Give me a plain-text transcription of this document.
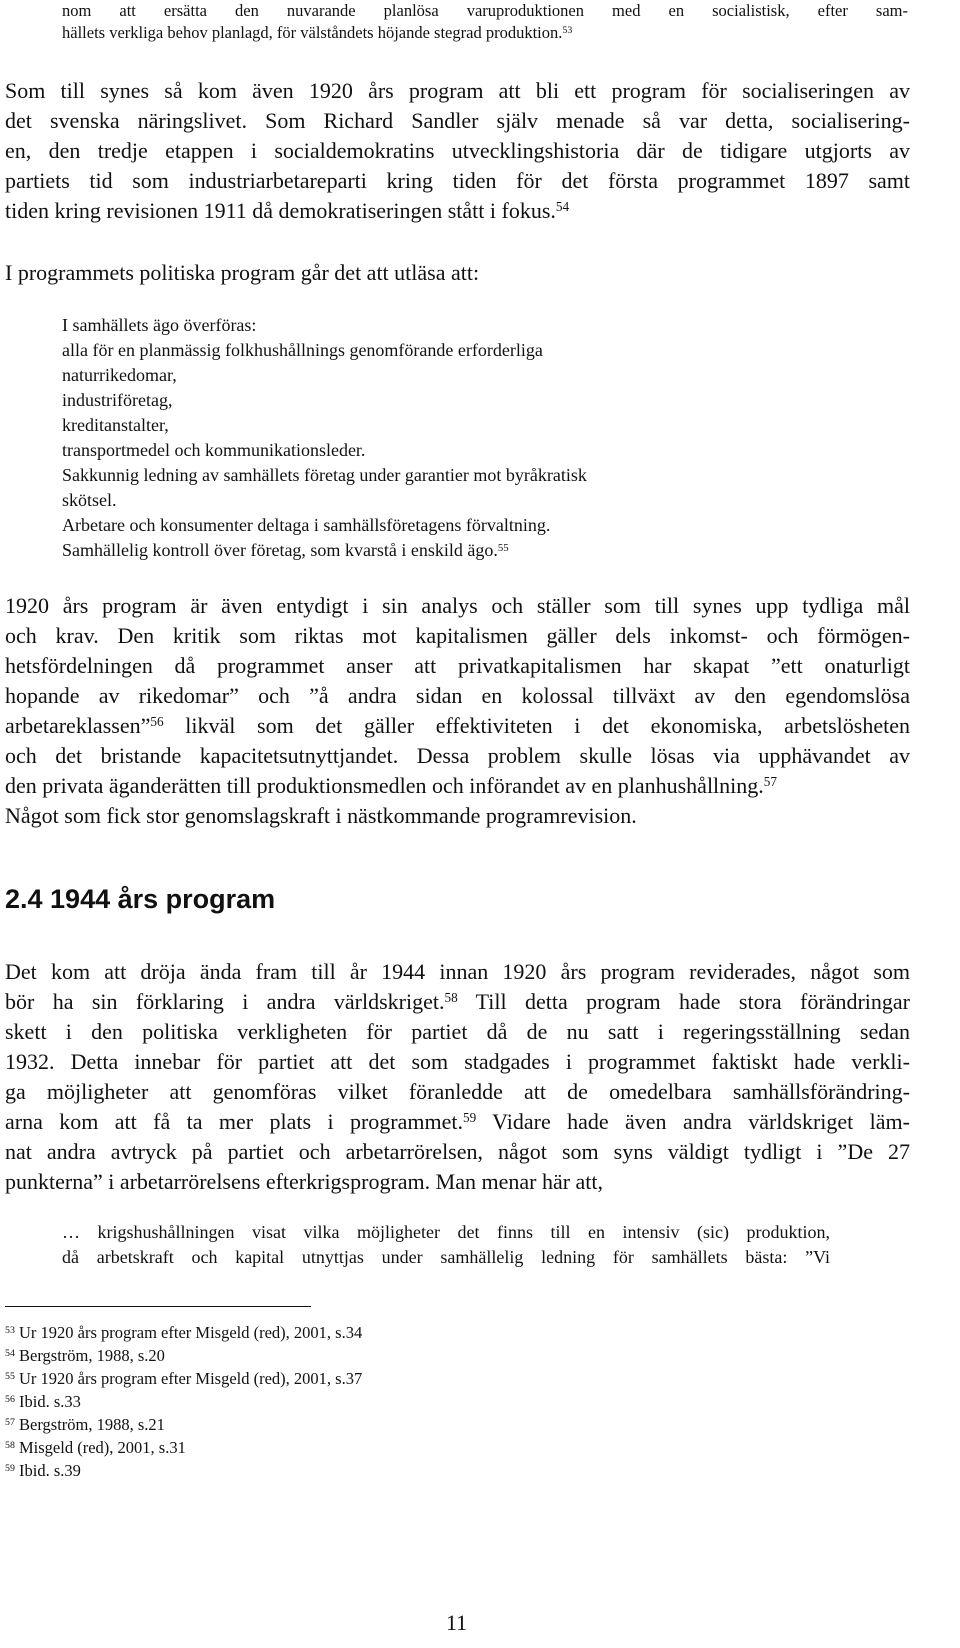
nom att ersätta den nuvarande planlösa varuproduktionen med en socialistisk, efter sam-
hällets verkliga behov planlagd, för välståndets höjande stegrad produktion.$^{53}$
Som till synes så kom även 1920 års program att bli ett program för socialiseringen av
det svenska näringslivet. Som Richard Sandler själv menade så var detta, socialisering-
en, den tredje etappen i socialdemokratins utvecklingshistoria där de tidigare utgjorts av
partiets tid som industriarbetareparti kring tiden för det första programmet 1897 samt
tiden kring revisionen 1911 då demokratiseringen stått i fokus.$^{54}$
I programmets politiska program går det att utläsa att:
I samhällets ägo överföras:
alla för en planmässig folkhushållnings genomförande erforderliga
naturrikedomar,
industriföretag,
kreditanstalter,
transportmedel och kommunikationsleder.
Sakkunnig ledning av samhällets företag under garantier mot byråkratisk
skötsel.
Arbetare och konsumenter deltaga i samhällsföretagens förvaltning.
Samhällelig kontroll över företag, som kvarstå i enskild ägo.$^{55}$
1920 års program är även entydigt i sin analys och ställer som till synes upp tydliga mål
och krav. Den kritik som riktas mot kapitalismen gäller dels inkomst- och förmögen-
hetsfördelningen då programmet anser att privatkapitalismen har skapat ”ett onaturligt
hopande av rikedomar” och ”å andra sidan en kolossal tillväxt av den egendomslösa
arbetareklassen”$^{56}$ likväl som det gäller effektiviteten i det ekonomiska, arbetslösheten
och det bristande kapacitetsutnyttjandet. Dessa problem skulle lösas via upphävandet av
den privata äganderätten till produktionsmedlen och införandet av en planhushållning.$^{57}$
Något som fick stor genomslagskraft i nästkommande programrevision.
2.4 1944 års program
Det kom att dröja ända fram till år 1944 innan 1920 års program reviderades, något som
bör ha sin förklaring i andra världskriget.$^{58}$ Till detta program hade stora förändringar
skett i den politiska verkligheten för partiet då de nu satt i regeringsställning sedan
1932. Detta innebar för partiet att det som stadgades i programmet faktiskt hade verkli-
ga möjligheter att genomföras vilket föranledde att de omedelbara samhällsförändring-
arna kom att få ta mer plats i programmet.$^{59}$ Vidare hade även andra världskriget läm-
nat andra avtryck på partiet och arbetarrörelsen, något som syns väldigt tydligt i ”De 27
punkterna” i arbetarrörelsens efterkrigsprogram. Man menar här att,
… krigshushållningen visat vilka möjligheter det finns till en intensiv (sic) produktion,
då arbetskraft och kapital utnyttjas under samhällelig ledning för samhällets bästa: ”Vi
$^{53}$ Ur 1920 års program efter Misgeld (red), 2001, s.34
$^{54}$ Bergström, 1988, s.20
$^{55}$ Ur 1920 års program efter Misgeld (red), 2001, s.37
$^{56}$ Ibid. s.33
$^{57}$ Bergström, 1988, s.21
$^{58}$ Misgeld (red), 2001, s.31
$^{59}$ Ibid. s.39
11
